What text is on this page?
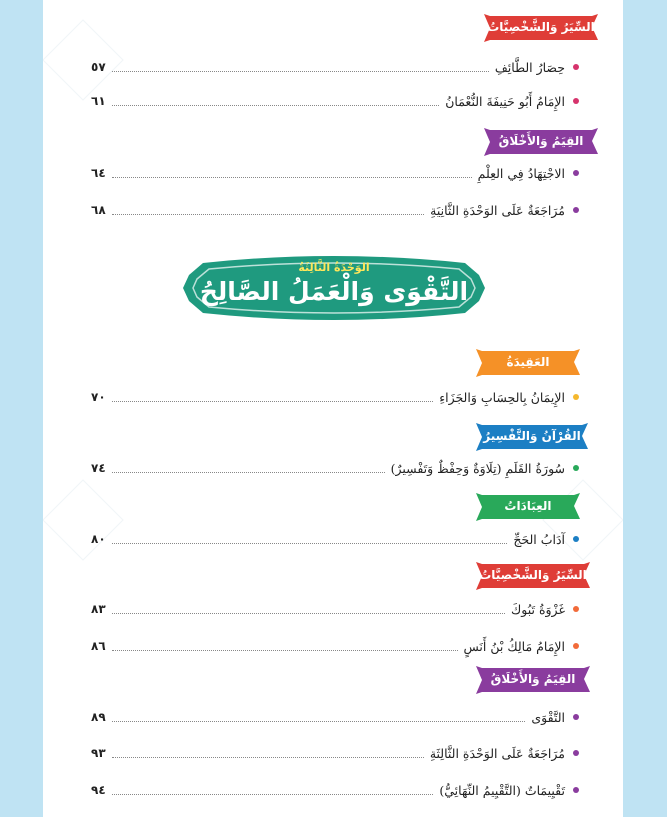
السِّيَرُ وَالشَّخْصِيَّاتُ
القِيَمُ وَالأَخْلَاقُ
الوَحْدَةُ الثَّالِثَةُ
التَّقْوَى وَالْعَمَلُ الصَّالِحُ
العَقِيدَةُ
القُرْآنُ وَالتَّفْسِيرُ
العِبَادَاتُ
السِّيَرُ وَالشَّخْصِيَّاتُ
القِيَمُ وَالأَخْلَاقُ
حِصَارُ الطَّائِفِ
٥٧
الإِمَامُ أَبُو حَنِيفَةَ النُّعْمَانُ
٦١
الاجْتِهَادُ فِي العِلْمِ
٦٤
مُرَاجَعَةٌ عَلَى الوَحْدَةِ الثَّانِيَةِ
٦٨
الإِيمَانُ بِالحِسَابِ وَالجَزَاءِ
٧٠
سُورَةُ القَلَمِ (تِلَاوَةٌ وَحِفْظٌ وَتَفْسِيرٌ)
٧٤
آدَابُ الحَجِّ
٨٠
غَزْوَةُ تَبُوكَ
٨٣
الإِمَامُ مَالِكُ بْنُ أَنَسٍ
٨٦
التَّقْوَى
٨٩
مُرَاجَعَةٌ عَلَى الوَحْدَةِ الثَّالِثَةِ
٩٣
تَقْيِيمَاتٌ (التَّقْيِيمُ النِّهَائِيُّ)
٩٤
